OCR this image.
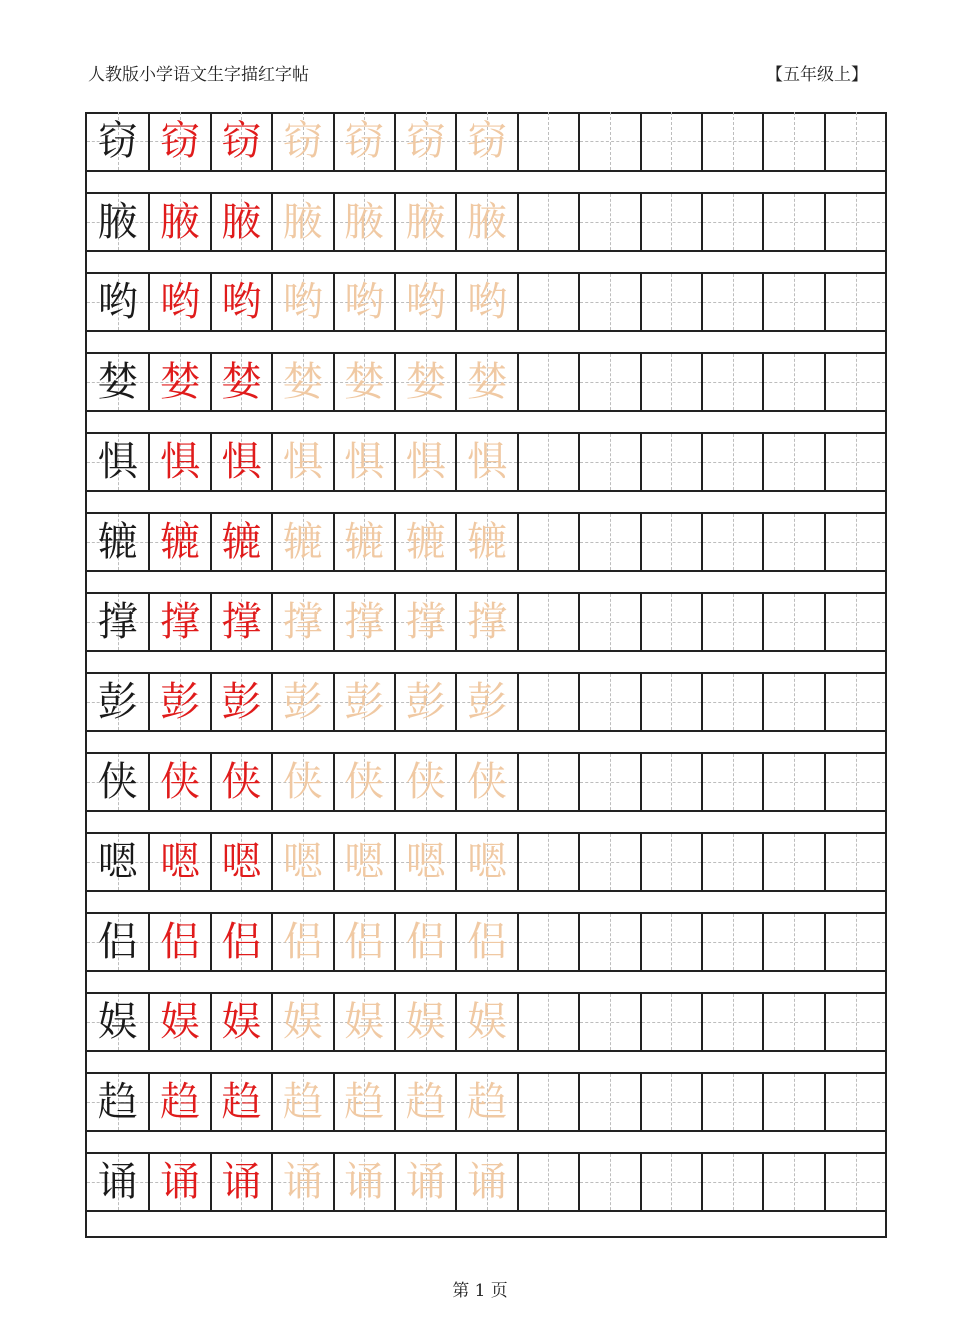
人教版小学语文生字描红字帖	【五年级上】
窃 窃 窃 窃 窃 窃 窃
腋 腋 腋 腋 腋 腋 腋
哟 哟 哟 哟 哟 哟 哟
婪 婪 婪 婪 婪 婪 婪
惧 惧 惧 惧 惧 惧 惧
辘 辘 辘 辘 辘 辘 辘
撑 撑 撑 撑 撑 撑 撑
彭 彭 彭 彭 彭 彭 彭
侠 侠 侠 侠 侠 侠 侠
嗯 嗯 嗯 嗯 嗯 嗯 嗯
侣 侣 侣 侣 侣 侣 侣
娱 娱 娱 娱 娱 娱 娱
趋 趋 趋 趋 趋 趋 趋
诵 诵 诵 诵 诵 诵 诵
第 1 页
